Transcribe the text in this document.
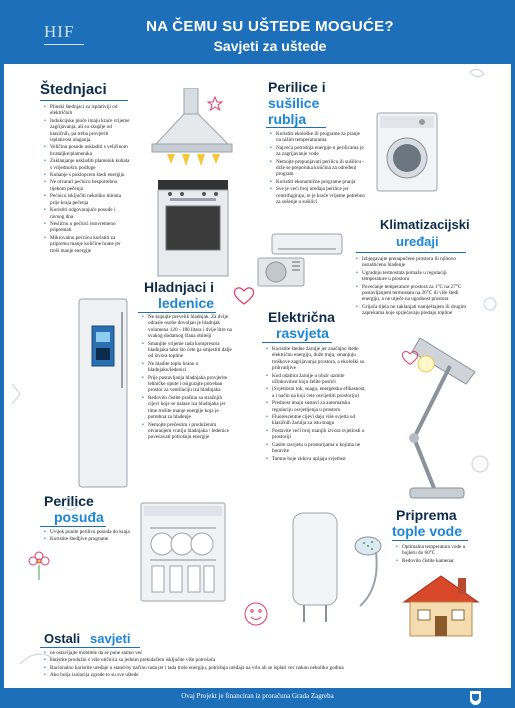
HIF	NA ČEMU SU UŠTEDE MOGUĆE?
Savjeti za uštede
Štednjaci
• Plinski štednjaci su isplativiji od električnih
• Indukcijske ploče imaju kraće vrijeme zagrijavanja, ali su skuplje od klasičnih, pa treba provjeriti isplativost ulaganja
• Veličinu posude uskladiti s veličinom hvataljke/plamenika
• Zaklanjanje uskladiti plamenik kuhala s vrijednošću podloge
• Kuhanje s poklopcem štedi energiju
• Ne otvarati pećnicu bespotrebno tijekom pečenja
• Pećnicu isključiti nekoliko minuta prije kraja pečenja
• Koristiti odgovarajuće posuđe i ravnog dna
• Nesličnu u pećnici istovremeno pripremati
• Mikrovalnu pećnicu koristiti za pripremu manje količine hrane jer troši manje energije
Perilice i
sušilice
rublja
• Koristiti ekološke ili programe za pranje na nižim temperaturama
• Najveća potrošnja energije u perilicama je za zagrijavanje vode
• Nemojte prepunjavati perilicu ili sušilicu - drže se preporuka količina za određeni program
• Koristiti ekonomične programe pranja
• Sve je veći broj uređaja perilice jer centrifugiraju, te je kraće vrijeme potrebno za sušenje u sušilici
Klimatizacijski
uređaji
• Izbjegavajte prenapučene prostora ili njihovo nezaštićeno hlađenje
• Ugradnju termostata pomaže u regulaciji temperature u prostoru
• Povećanje temperature prostora za 1°C na 27°C postavljanjem termostata na 26°C ili više štedi energiju, a ne utječe na ugodnost prostora
• Grijača tijela ne zaklanjati namještajem ili drugim zaprekama koje sprječavaju predaju topline
Hladnjaci i
ledenice
• Ne kupujte prevelik hladnjak. Za dvije odrasle osobe dovoljan je hladnjak volumena 120 - 180 litara i dvije litre na svakog dodatnog člana obitelji
• Smanjite vrijeme rada kompresora hladnjaka tako što ćete ga smjestiti dalje od izvora topline
• Ne hladite toplu hranu u hladnjaku/ledenici
• Prije postavljanja hladnjaka provjerite tehničke upute i osigurajte potreban prostor za ventilaciju iza hladnjaka
• Redovito čistite prašinu sa stražnjih cijevi koje se nalaze iza hladnjaka jer time trošite manje energije koja je potrebna za hlađenje
• Nemojte prečestim i produženim otvaranjem vratiju hladnjaka / ledenice povećavati potrošnju energije
Električna
rasvjeta
• Koristite štedne žarulje jer značajno štede električnu energiju, duže traju, smanjuju troškove zagrijavanja prostora, a ekološki su prihvatljive
• Kod odabira žarulje u obzir uzmite učinkovitost koju želite postići
• (Svjetlosni tok, snagu, energetsku efikasnost, a i način na koji ćete osvijetliti prostoriju)
• Prednost imaju sustavi za automatsku regulaciju osvjetljenja u prostoru
• Fluorescentne cijevi daju više svjetla od klasičnih žarulja za istu snagu
• Postavite veći broj manjih izvora svjetlosti u prostoriji
• Gasite rasvjetu u prostorijama u kojima ne boravite
• Tamne boje zidova upijaju svjetlost
Perilice
posuđa
• Uvijek punite perilicu posuđa do kraja
• Koristite štedljive programe
Priprema
tople vode
• Optimalna temperatura vode u bojleru do 60°C
• Redovito čistite kamenac
Ostali savjeti
• ne ostavljajte mobitele da se pune stalno već
• koristite produžni s više utičnica sa jednim prekidačem isključite više potrošača
• Racionalno koristite uređaje u stand-by načinu rada jer i tada troše energiju, potrošnja uređaja na vrlo ali se isplati već nakon nekoliko godina
• Ako bolja izolacija zgrade to su sve uštede
Ovaj Projekt je financiran iz proračuna Grada Zagreba
